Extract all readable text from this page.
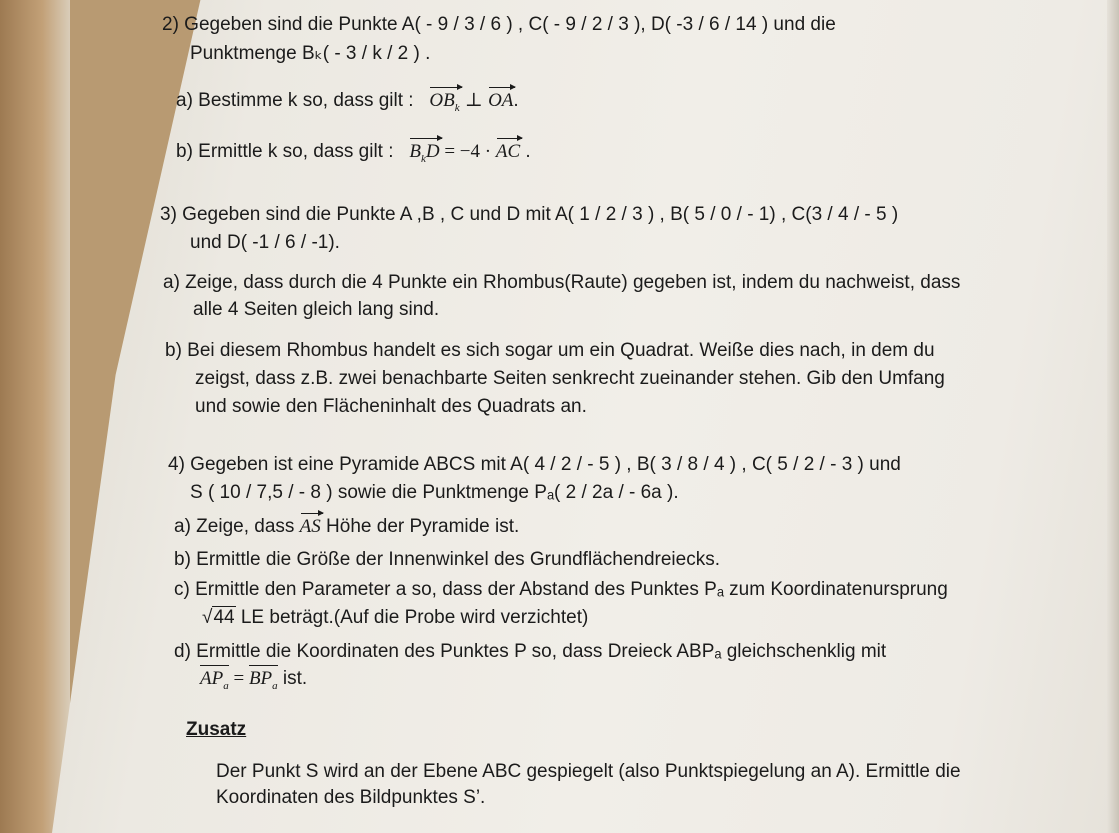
2) Gegeben sind die Punkte A( - 9 / 3 / 6 ) , C( - 9 / 2 / 3 ), D( -3 / 6 / 14 ) und die
Punktmenge Bₖ( - 3 / k / 2 ) .
a) Bestimme k so, dass gilt : $OB_k$ ⊥ OA.
b) Ermittle k so, dass gilt : $B_kD = -4$ · AC .
3) Gegeben sind die Punkte A ,B , C und D mit A( 1 / 2 / 3 ) , B( 5 / 0 / - 1) , C(3 / 4 / - 5 )
und D( -1 / 6 / -1).
a) Zeige, dass durch die 4 Punkte ein Rhombus(Raute) gegeben ist, indem du nachweist, dass
alle 4 Seiten gleich lang sind.
b) Bei diesem Rhombus handelt es sich sogar um ein Quadrat. Weiße dies nach, in dem du
zeigst, dass z.B. zwei benachbarte Seiten senkrecht zueinander stehen. Gib den Umfang
und sowie den Flächeninhalt des Quadrats an.
4) Gegeben ist eine Pyramide ABCS mit A( 4 / 2 / - 5 ) , B( 3 / 8 / 4 ) , C( 5 / 2 / - 3 ) und
S ( 10 / 7,5 / - 8 ) sowie die Punktmenge Pₐ( 2 / 2a / - 6a ).
a) Zeige, dass AS Höhe der Pyramide ist.
b) Ermittle die Größe der Innenwinkel des Grundflächendreiecks.
c) Ermittle den Parameter a so, dass der Abstand des Punktes Pₐ zum Koordinatenursprung
√44 LE beträgt.(Auf die Probe wird verzichtet)
d) Ermittle die Koordinaten des Punktes P so, dass Dreieck ABPₐ gleichschenklig mit
$AP_a = BP_a$ ist.
Zusatz
Der Punkt S wird an der Ebene ABC gespiegelt (also Punktspiegelung an A). Ermittle die
Koordinaten des Bildpunktes S’.
